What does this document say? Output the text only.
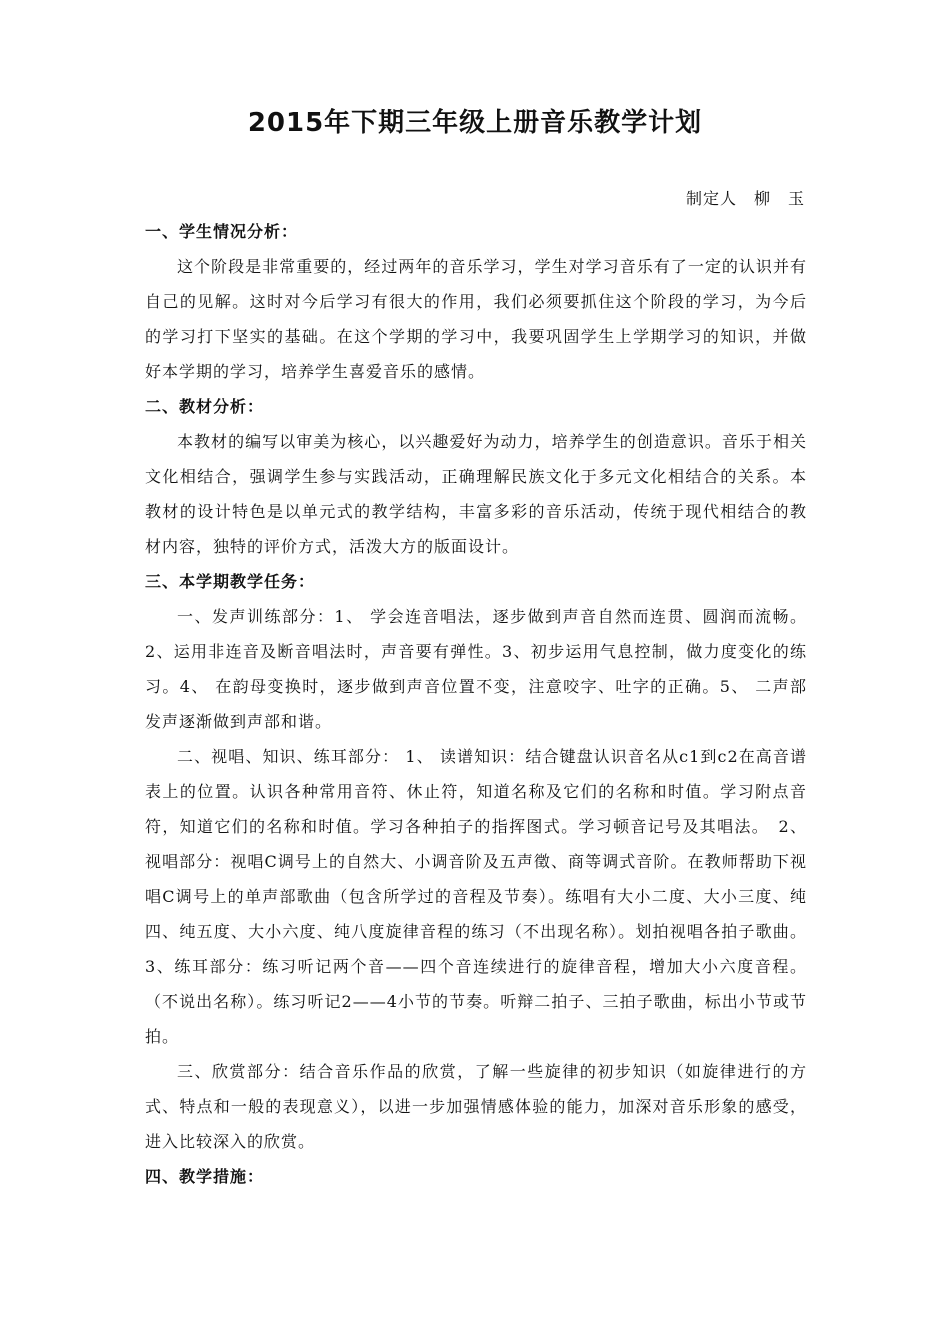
2015年下期三年级上册音乐教学计划
制定人　柳　玉

一、学生情况分析：

这个阶段是非常重要的，经过两年的音乐学习，学生对学习音乐有了一定的认识并有自己的见解。这时对今后学习有很大的作用，我们必须要抓住这个阶段的学习，为今后的学习打下坚实的基础。在这个学期的学习中，我要巩固学生上学期学习的知识，并做好本学期的学习，培养学生喜爱音乐的感情。

二、教材分析：

本教材的编写以审美为核心，以兴趣爱好为动力，培养学生的创造意识。音乐于相关文化相结合，强调学生参与实践活动，正确理解民族文化于多元文化相结合的关系。本教材的设计特色是以单元式的教学结构，丰富多彩的音乐活动，传统于现代相结合的教材内容，独特的评价方式，活泼大方的版面设计。

三、本学期教学任务：

一、发声训练部分：1、 学会连音唱法，逐步做到声音自然而连贯、圆润而流畅。2、运用非连音及断音唱法时，声音要有弹性。3、初步运用气息控制，做力度变化的练习。4、 在韵母变换时，逐步做到声音位置不变，注意咬字、吐字的正确。5、 二声部发声逐渐做到声部和谐。

二、视唱、知识、练耳部分： 1、 读谱知识：结合键盘认识音名从c1到c2在高音谱表上的位置。认识各种常用音符、休止符，知道名称及它们的名称和时值。学习附点音符，知道它们的名称和时值。学习各种拍子的指挥图式。学习顿音记号及其唱法。　2、 视唱部分：视唱C调号上的自然大、小调音阶及五声徵、商等调式音阶。在教师帮助下视唱C调号上的单声部歌曲（包含所学过的音程及节奏）。练唱有大小二度、大小三度、纯四、纯五度、大小六度、纯八度旋律音程的练习（不出现名称）。划拍视唱各拍子歌曲。3、练耳部分：练习听记两个音——四个音连续进行的旋律音程，增加大小六度音程。（不说出名称）。练习听记2——4小节的节奏。听辩二拍子、三拍子歌曲，标出小节或节拍。

三、欣赏部分：结合音乐作品的欣赏，了解一些旋律的初步知识（如旋律进行的方式、特点和一般的表现意义），以进一步加强情感体验的能力，加深对音乐形象的感受，进入比较深入的欣赏。

四、教学措施：
